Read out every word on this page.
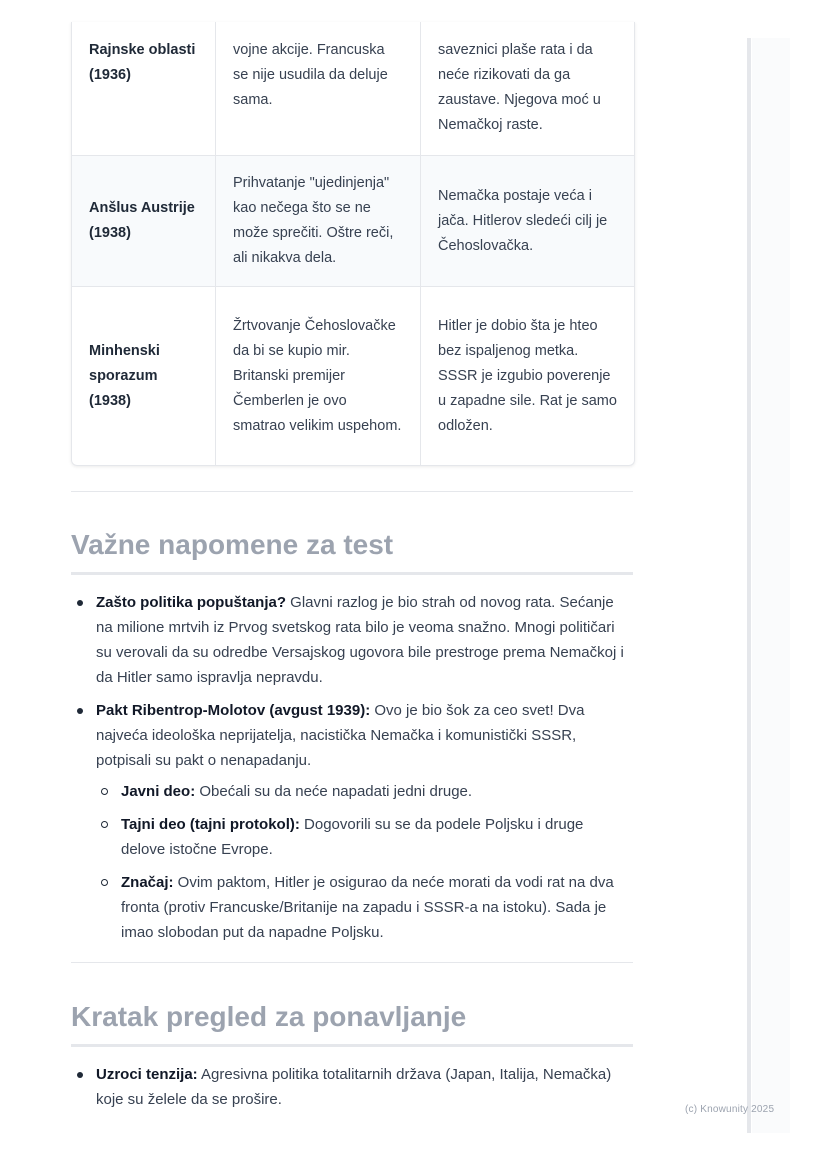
Rajnske oblasti (1936)
vojne akcije. Francuska se nije usudila da deluje sama.
saveznici plaše rata i da neće rizikovati da ga zaustave. Njegova moć u Nemačkoj raste.
Anšlus Austrije (1938)
Prihvatanje "ujedinjenja" kao nečega što se ne može sprečiti. Oštre reči, ali nikakva dela.
Nemačka postaje veća i jača. Hitlerov sledeći cilj je Čehoslovačka.
Minhenski sporazum (1938)
Žrtvovanje Čehoslovačke da bi se kupio mir. Britanski premijer Čemberlen je ovo smatrao velikim uspehom.
Hitler je dobio šta je hteo bez ispaljenog metka. SSSR je izgubio poverenje u zapadne sile. Rat je samo odložen.
Važne napomene za test
Zašto politika popuštanja? Glavni razlog je bio strah od novog rata. Sećanje na milione mrtvih iz Prvog svetskog rata bilo je veoma snažno. Mnogi političari su verovali da su odredbe Versajskog ugovora bile prestroge prema Nemačkoj i da Hitler samo ispravlja nepravdu.
Pakt Ribentrop-Molotov (avgust 1939): Ovo je bio šok za ceo svet! Dva najveća ideološka neprijatelja, nacistička Nemačka i komunistički SSSR, potpisali su pakt o nenapadanju.
Javni deo: Obećali su da neće napadati jedni druge.
Tajni deo (tajni protokol): Dogovorili su se da podele Poljsku i druge delove istočne Evrope.
Značaj: Ovim paktom, Hitler je osigurao da neće morati da vodi rat na dva fronta (protiv Francuske/Britanije na zapadu i SSSR-a na istoku). Sada je imao slobodan put da napadne Poljsku.
Kratak pregled za ponavljanje
Uzroci tenzija: Agresivna politika totalitarnih država (Japan, Italija, Nemačka) koje su želele da se prošire.
(c) Knowunity 2025
